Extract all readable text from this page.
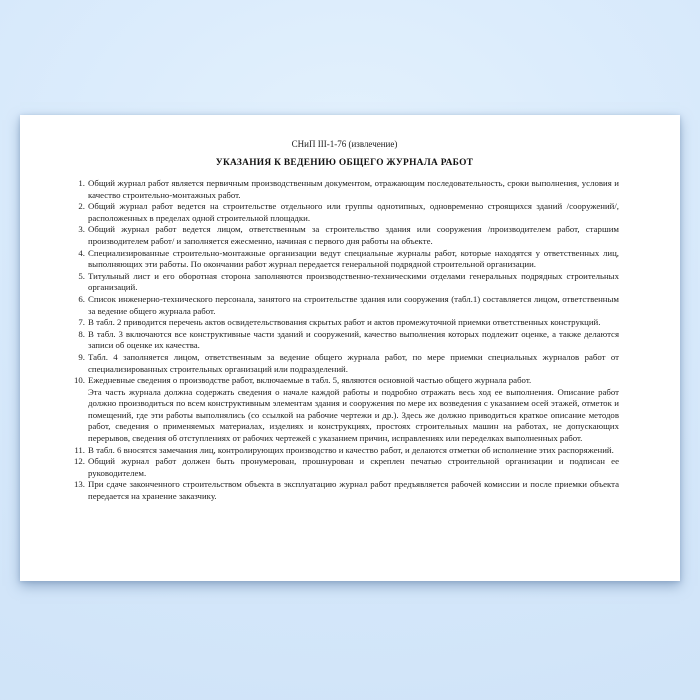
СНиП III-1-76 (извлечение)
УКАЗАНИЯ К ВЕДЕНИЮ ОБЩЕГО ЖУРНАЛА РАБОТ
1. Общий журнал работ является первичным производственным документом, отражающим последовательность, сроки выполнения, условия и качество строительно-монтажных работ.
2. Общий журнал работ ведется на строительстве отдельного или группы однотипных, одновременно строящихся зданий /сооружений/, расположенных в пределах одной строительной площадки.
3. Общий журнал работ ведется лицом, ответственным за строительство здания или сооружения /производителем работ, старшим производителем работ/ и заполняется ежесменно, начиная с первого дня работы на объекте.
4. Специализированные строительно-монтажные организации ведут специальные журналы работ, которые находятся у ответственных лиц, выполняющих эти работы. По окончании работ журнал передается генеральной подрядной строительной организации.
5. Титульный лист и его оборотная сторона заполняются производственно-техническими отделами генеральных подрядных строительных организаций.
6. Список инженерно-технического персонала, занятого на строительстве здания или сооружения (табл.1) составляется лицом, ответственным за ведение общего журнала работ.
7. В табл. 2 приводится перечень актов освидетельствования скрытых работ и актов промежуточной приемки ответственных конструкций.
8. В табл. 3 включаются все конструктивные части зданий и сооружений, качество выполнения которых подлежит оценке, а также делаются записи об оценке их качества.
9. Табл. 4 заполняется лицом, ответственным за ведение общего журнала работ, по мере приемки специальных журналов работ от специализированных строительных организаций или подразделений.
10. Ежедневные сведения о производстве работ, включаемые в табл. 5, являются основной частью общего журнала работ.
Эта часть журнала должна содержать сведения о начале каждой работы и подробно отражать весь ход ее выполнения. Описание работ должно производиться по всем конструктивным элементам здания и сооружения по мере их возведения с указанием осей этажей, отметок и помещений, где эти работы выполнялись (со ссылкой на рабочие чертежи и др.). Здесь же должно приводиться краткое описание методов работ, сведения о применяемых материалах, изделиях и конструкциях, простоях строительных машин на работах, не допускающих перерывов, сведения об отступлениях от рабочих чертежей с указанием причин, исправлениях или переделках выполненных работ.
11. В табл. 6 вносятся замечания лиц, контролирующих производство и качество работ, и делаются отметки об исполнение этих распоряжений.
12. Общий журнал работ должен быть пронумерован, прошнурован и скреплен печатью строительной организации и подписан ее руководителем.
13. При сдаче законченного строительством объекта в эксплуатацию журнал работ предъявляется рабочей комиссии и после приемки объекта передается на хранение заказчику.
